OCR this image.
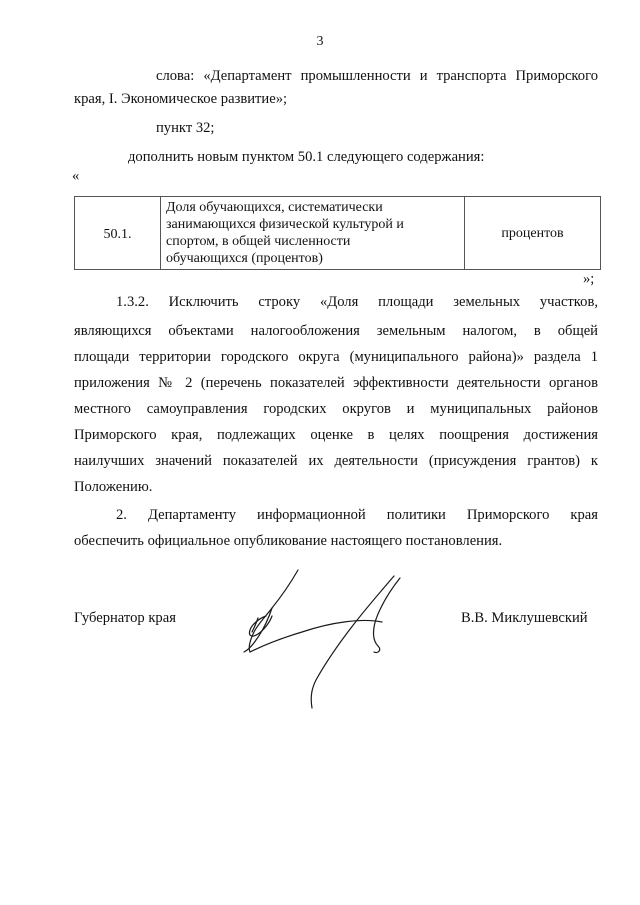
3
слова: «Департамент промышленности и транспорта Приморского
края, I. Экономическое развитие»;
пункт 32;
дополнить новым пунктом 50.1 следующего содержания:
«
50.1.
Доля обучающихся, систематически
занимающихся физической культурой и
спортом, в общей численности
обучающихся (процентов)
процентов
»;
1.3.2. Исключить строку «Доля площади земельных участков,
являющихся объектами налогообложения земельным налогом, в общей
площади территории городского округа (муниципального района)» раздела 1
приложения № 2 (перечень показателей эффективности деятельности органов
местного самоуправления городских округов и муниципальных районов
Приморского края, подлежащих оценке в целях поощрения достижения
наилучших значений показателей их деятельности (присуждения грантов) к
Положению.
2. Департаменту информационной политики Приморского края
обеспечить официальное опубликование настоящего постановления.
Губернатор края	В.В. Миклушевский
